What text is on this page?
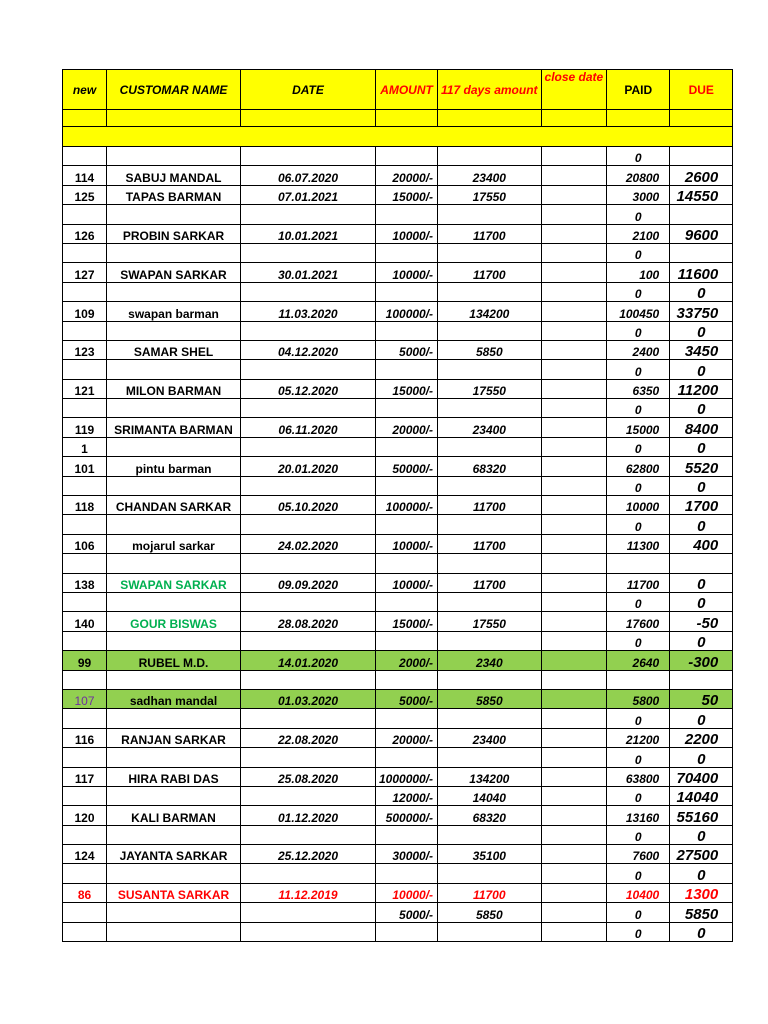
new	CUSTOMAR NAME	DATE	AMOUNT	117 days amount	close date	PAID	DUE

						0	
114	SABUJ MANDAL	06.07.2020	20000/-	23400		20800	2600
125	TAPAS BARMAN	07.01.2021	15000/-	17550		3000	14550
						0	
126	PROBIN SARKAR	10.01.2021	10000/-	11700		2100	9600
						0	
127	SWAPAN SARKAR	30.01.2021	10000/-	11700		100	11600
						0	0
109	swapan barman	11.03.2020	100000/-	134200		100450	33750
						0	0
123	SAMAR SHEL	04.12.2020	5000/-	5850		2400	3450
						0	0
121	MILON BARMAN	05.12.2020	15000/-	17550		6350	11200
						0	0
119	SRIMANTA BARMAN	06.11.2020	20000/-	23400		15000	8400
1						0	0
101	pintu barman	20.01.2020	50000/-	68320		62800	5520
						0	0
118	CHANDAN SARKAR	05.10.2020	100000/-	11700		10000	1700
						0	0
106	mojarul sarkar	24.02.2020	10000/-	11700		11300	400

138	SWAPAN SARKAR	09.09.2020	10000/-	11700		11700	0
						0	0
140	GOUR BISWAS	28.08.2020	15000/-	17550		17600	-50
						0	0
99	RUBEL M.D.	14.01.2020	2000/-	2340		2640	-300

107	sadhan mandal	01.03.2020	5000/-	5850		5800	50
						0	0
116	RANJAN SARKAR	22.08.2020	20000/-	23400		21200	2200
						0	0
117	HIRA RABI DAS	25.08.2020	1000000/-	134200		63800	70400
			12000/-	14040		0	14040
120	KALI BARMAN	01.12.2020	500000/-	68320		13160	55160
						0	0
124	JAYANTA SARKAR	25.12.2020	30000/-	35100		7600	27500
						0	0
86	SUSANTA SARKAR	11.12.2019	10000/-	11700		10400	1300
			5000/-	5850		0	5850
						0	0
